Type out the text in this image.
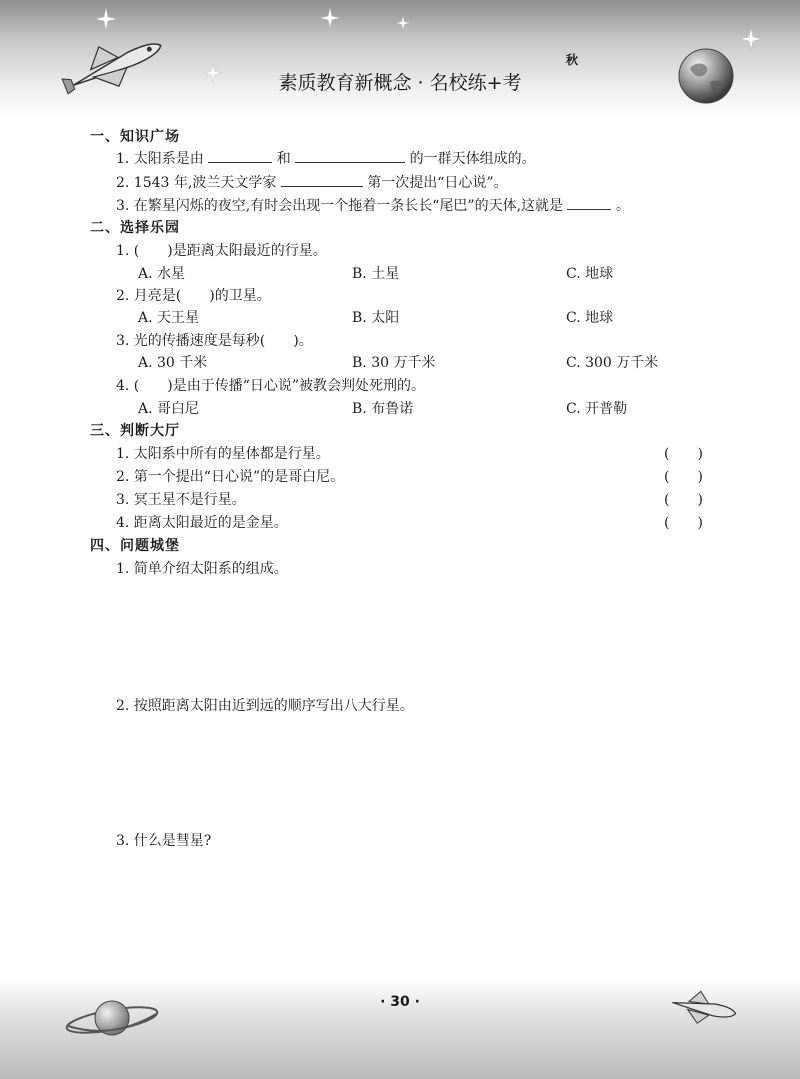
素质教育新概念 · 名校练+考
秋
一、知识广场
1. 太阳系是由	和	的一群天体组成的。
2. 1543 年,波兰天文学家	第一次提出“日心说”。
3. 在繁星闪烁的夜空,有时会出现一个拖着一条长长“尾巴”的天体,这就是	。
二、选择乐园
1. (　　)是距离太阳最近的行星。
A. 水星	B. 土星	C. 地球
2. 月亮是(　　)的卫星。
A. 天王星	B. 太阳	C. 地球
3. 光的传播速度是每秒(　　)。
A. 30 千米	B. 30 万千米	C. 300 万千米
4. (　　)是由于传播“日心说”被教会判处死刑的。
A. 哥白尼	B. 布鲁诺	C. 开普勒
三、判断大厅
1. 太阳系中所有的星体都是行星。	(　　)
2. 第一个提出“日心说”的是哥白尼。	(　　)
3. 冥王星不是行星。	(　　)
4. 距离太阳最近的是金星。	(　　)
四、问题城堡
1. 简单介绍太阳系的组成。
2. 按照距离太阳由近到远的顺序写出八大行星。
3. 什么是彗星?
· 30 ·
